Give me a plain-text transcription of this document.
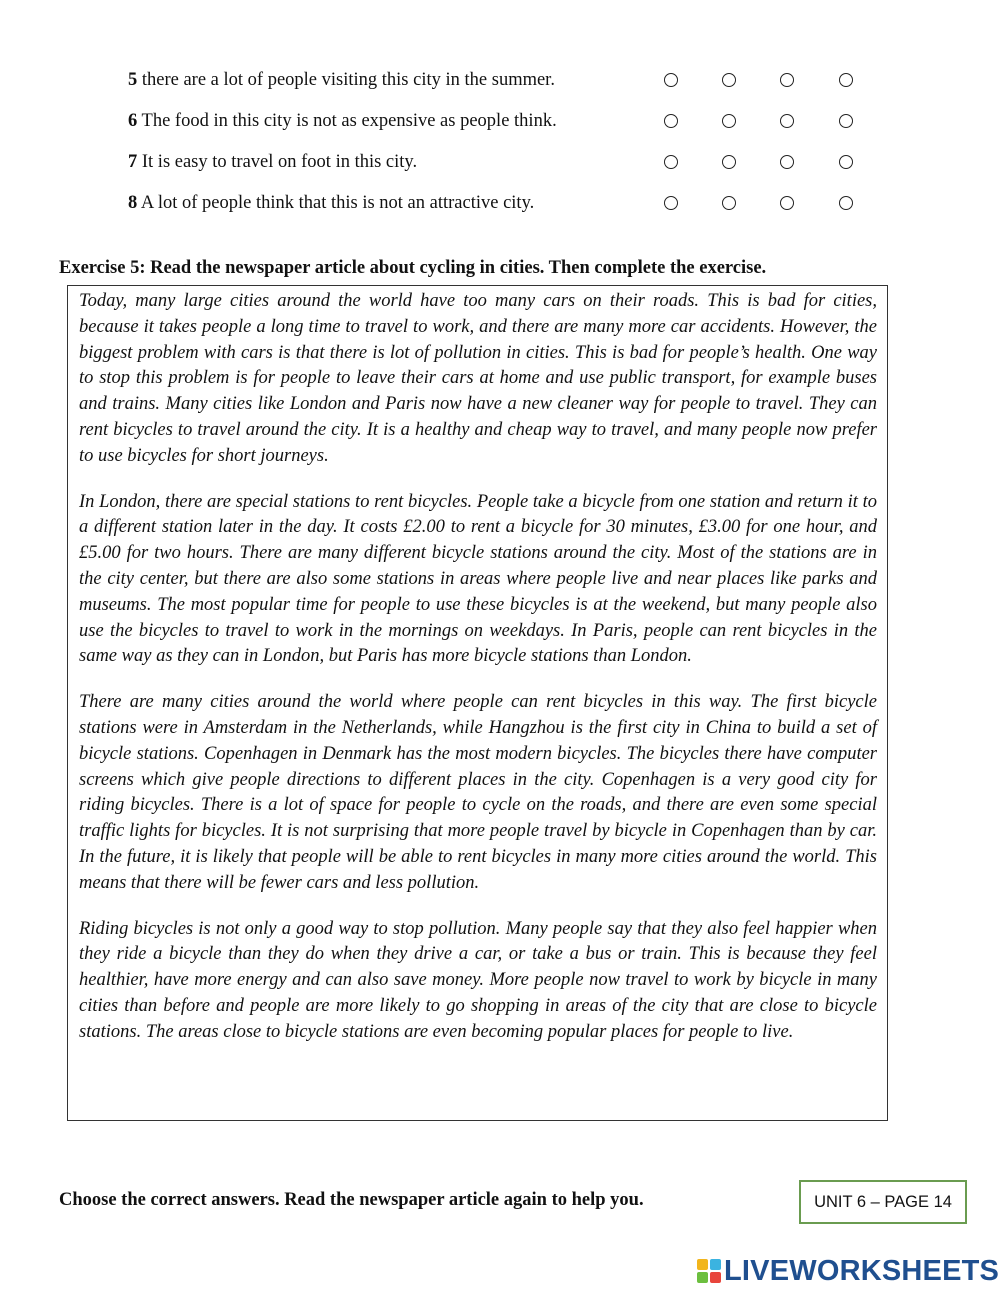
5 there are a lot of people visiting this city in the summer.
6 The food in this city is not as expensive as people think.
7 It is easy to travel on foot in this city.
8 A lot of people think that this is not an attractive city.
Exercise 5: Read the newspaper article about cycling in cities. Then complete the exercise.

Today, many large cities around the world have too many cars on their roads. This is bad for cities, because it takes people a long time to travel to work, and there are many more car accidents. However, the biggest problem with cars is that there is lot of pollution in cities. This is bad for people’s health. One way to stop this problem is for people to leave their cars at home and use public transport, for example buses and trains. Many cities like London and Paris now have a new cleaner way for people to travel. They can rent bicycles to travel around the city. It is a healthy and cheap way to travel, and many people now prefer to use bicycles for short journeys.

In London, there are special stations to rent bicycles. People take a bicycle from one station and return it to a different station later in the day. It costs £2.00 to rent a bicycle for 30 minutes, £3.00 for one hour, and £5.00 for two hours. There are many different bicycle stations around the city. Most of the stations are in the city center, but there are also some stations in areas where people live and near places like parks and museums. The most popular time for people to use these bicycles is at the weekend, but many people also use the bicycles to travel to work in the mornings on weekdays. In Paris, people can rent bicycles in the same way as they can in London, but Paris has more bicycle stations than London.

There are many cities around the world where people can rent bicycles in this way. The first bicycle stations were in Amsterdam in the Netherlands, while Hangzhou is the first city in China to build a set of bicycle stations. Copenhagen in Denmark has the most modern bicycles. The bicycles there have computer screens which give people directions to different places in the city. Copenhagen is a very good city for riding bicycles. There is a lot of space for people to cycle on the roads, and there are even some special traffic lights for bicycles. It is not surprising that more people travel by bicycle in Copenhagen than by car. In the future, it is likely that people will be able to rent bicycles in many more cities around the world. This means that there will be fewer cars and less pollution.

Riding bicycles is not only a good way to stop pollution. Many people say that they also feel happier when they ride a bicycle than they do when they drive a car, or take a bus or train. This is because they feel healthier, have more energy and can also save money. More people now travel to work by bicycle in many cities than before and people are more likely to go shopping in areas of the city that are close to bicycle stations. The areas close to bicycle stations are even becoming popular places for people to live.

Choose the correct answers. Read the newspaper article again to help you.	UNIT 6 – PAGE 14
LIVEWORKSHEETS
